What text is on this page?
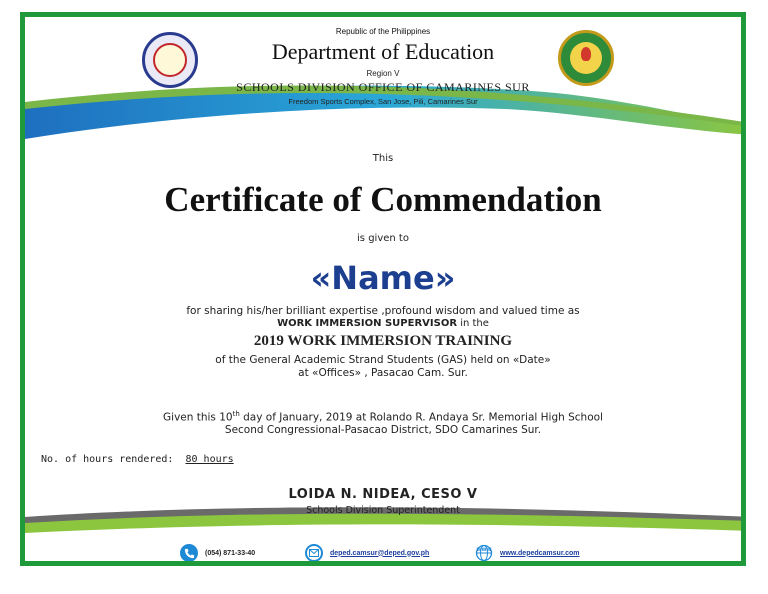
Republic of the Philippines
Department of Education
Region V
SCHOOLS DIVISION OFFICE OF CAMARINES SUR
Freedom Sports Complex, San Jose, Pili, Camarines Sur
This
Certificate of Commendation
is given to
«Name»
for sharing his/her brilliant expertise ,profound wisdom and valued time as
WORK IMMERSION SUPERVISOR in the
2019 WORK IMMERSION TRAINING
of the General Academic Strand Students (GAS) held on «Date»
at «Offices» , Pasacao Cam. Sur.
Given this 10th day of January, 2019 at Rolando R. Andaya Sr. Memorial High School
Second Congressional-Pasacao District, SDO Camarines Sur.
No. of hours rendered: 80 hours
LOIDA N. NIDEA, CESO V
Schools Division Superintendent
(054) 871-33-40	deped.camsur@deped.gov.ph	WWW www.depedcamsur.com
